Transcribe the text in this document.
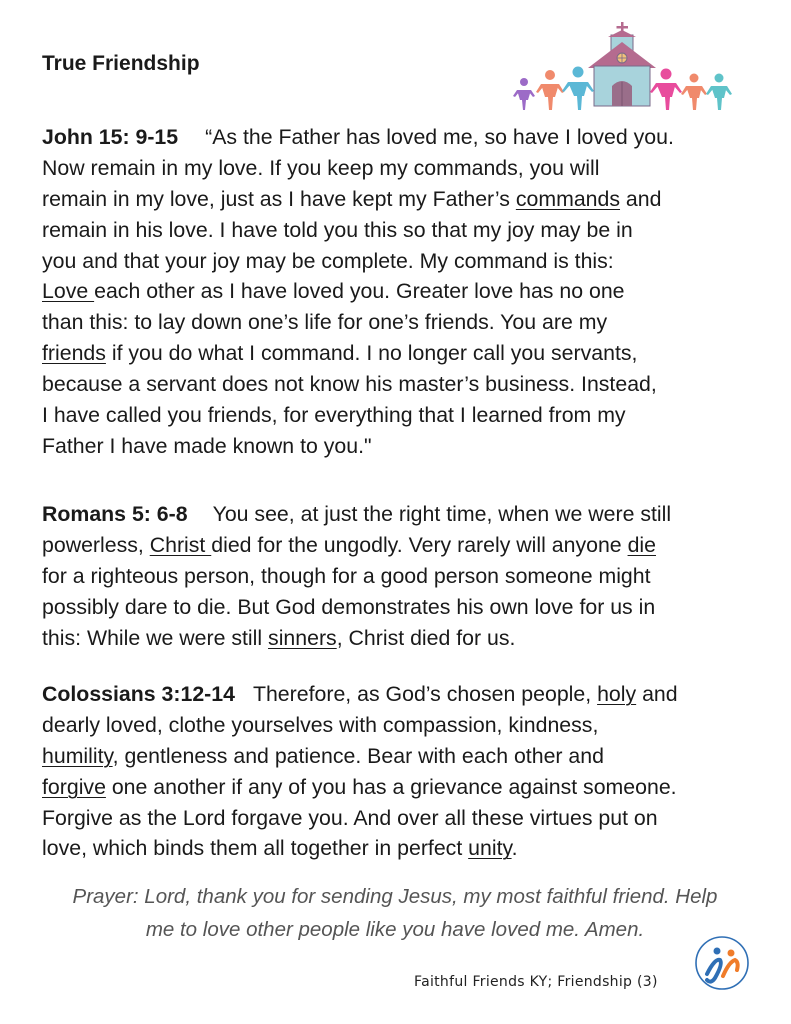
True Friendship
John 15: 9-15 “As the Father has loved me, so have I loved you.
Now remain in my love. If you keep my commands, you will
remain in my love, just as I have kept my Father’s commands and
remain in his love. I have told you this so that my joy may be in
you and that your joy may be complete. My command is this:
Love each other as I have loved you. Greater love has no one
than this: to lay down one’s life for one’s friends. You are my
friends if you do what I command. I no longer call you servants,
because a servant does not know his master’s business. Instead,
I have called you friends, for everything that I learned from my
Father I have made known to you."
Romans 5: 6-8 You see, at just the right time, when we were still
powerless, Christ died for the ungodly. Very rarely will anyone die
for a righteous person, though for a good person someone might
possibly dare to die. But God demonstrates his own love for us in
this: While we were still sinners, Christ died for us.
Colossians 3:12-14 Therefore, as God’s chosen people, holy and
dearly loved, clothe yourselves with compassion, kindness,
humility, gentleness and patience. Bear with each other and
forgive one another if any of you has a grievance against someone.
Forgive as the Lord forgave you. And over all these virtues put on
love, which binds them all together in perfect unity.
Prayer: Lord, thank you for sending Jesus, my most faithful friend. Help
me to love other people like you have loved me. Amen.
Faithful Friends KY; Friendship (3)
